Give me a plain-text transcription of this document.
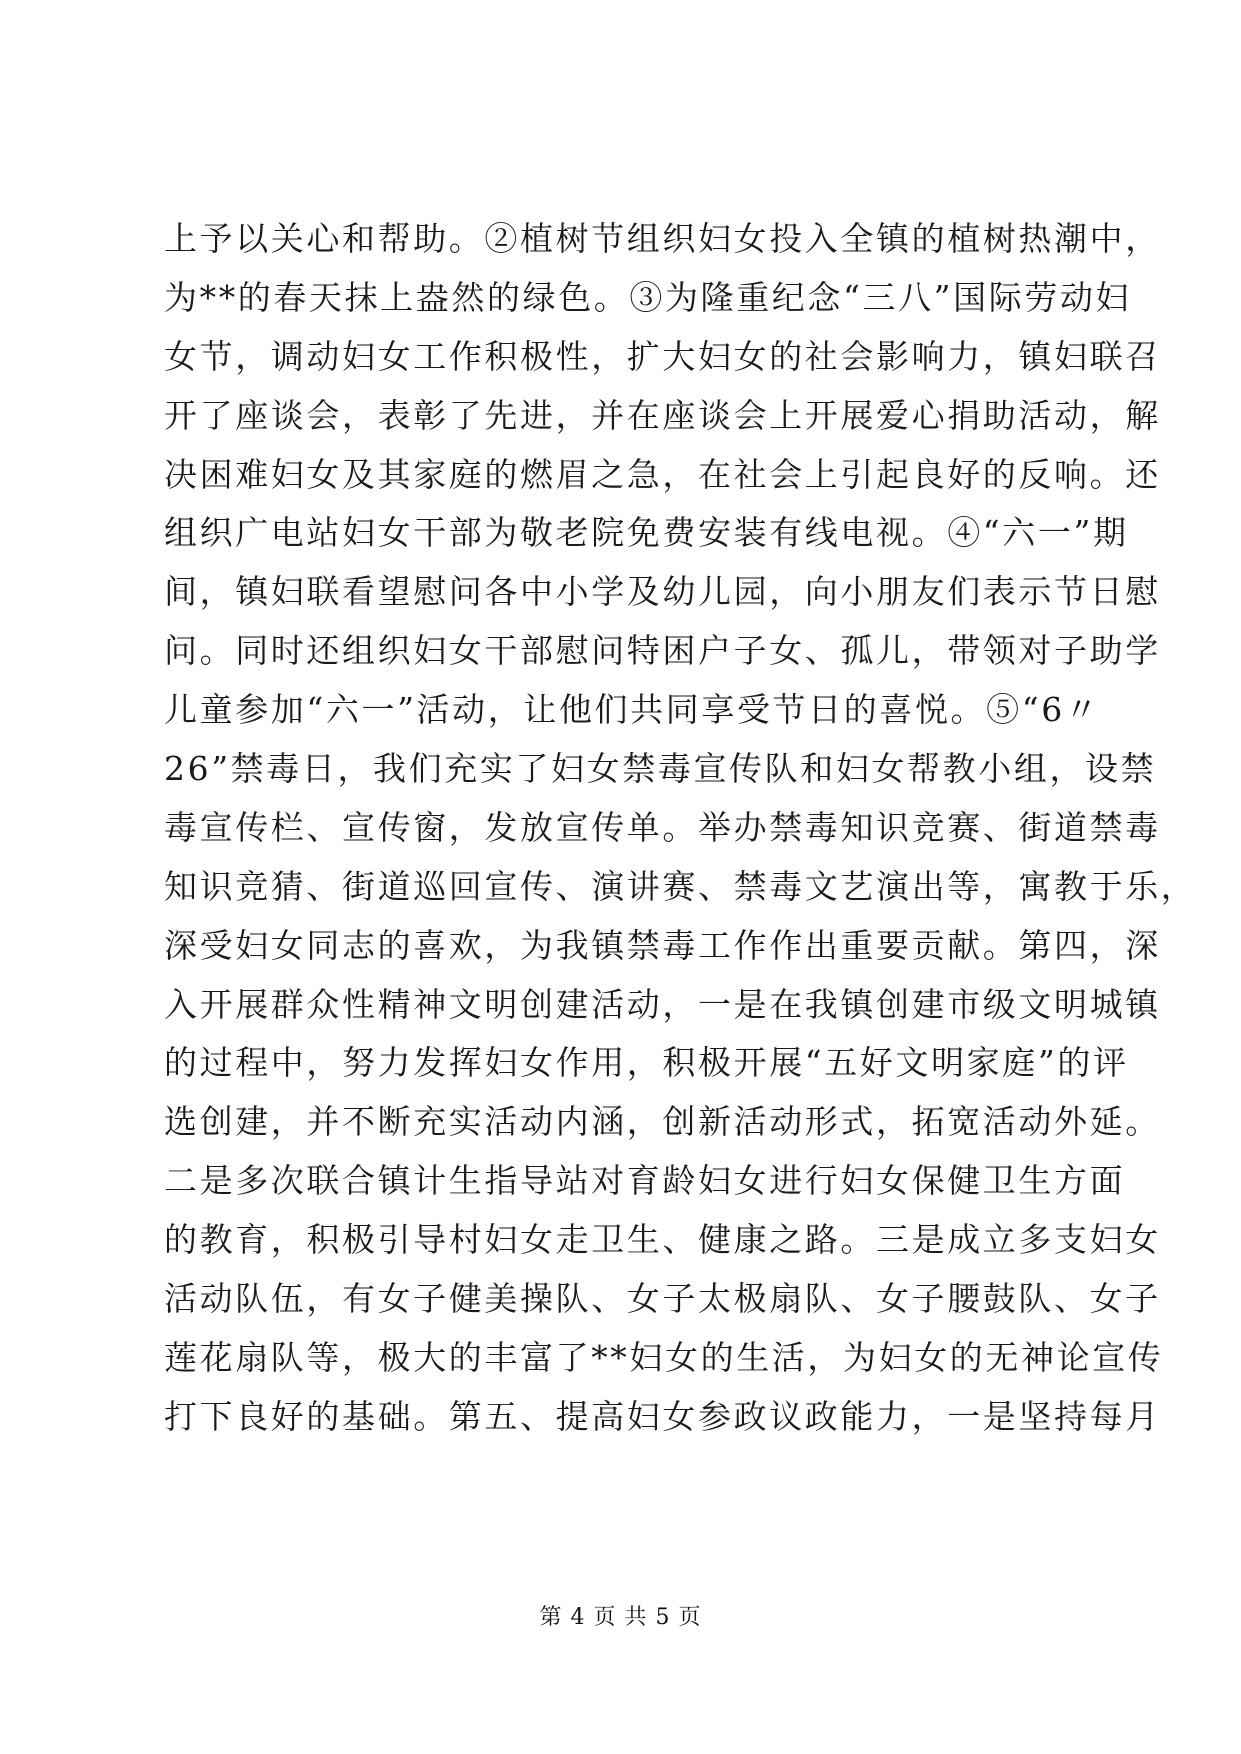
上予以关心和帮助。②植树节组织妇女投入全镇的植树热潮中，
为**的春天抹上盎然的绿色。③为隆重纪念“三八”国际劳动妇
女节，调动妇女工作积极性，扩大妇女的社会影响力，镇妇联召
开了座谈会，表彰了先进，并在座谈会上开展爱心捐助活动，解
决困难妇女及其家庭的燃眉之急，在社会上引起良好的反响。还
组织广电站妇女干部为敬老院免费安装有线电视。④“六一”期
间，镇妇联看望慰问各中小学及幼儿园，向小朋友们表示节日慰
问。同时还组织妇女干部慰问特困户子女、孤儿，带领对子助学
儿童参加“六一”活动，让他们共同享受节日的喜悦。⑤“6〃
26”禁毒日，我们充实了妇女禁毒宣传队和妇女帮教小组，设禁
毒宣传栏、宣传窗，发放宣传单。举办禁毒知识竞赛、街道禁毒
知识竞猜、街道巡回宣传、演讲赛、禁毒文艺演出等，寓教于乐，
深受妇女同志的喜欢，为我镇禁毒工作作出重要贡献。第四，深
入开展群众性精神文明创建活动，一是在我镇创建市级文明城镇
的过程中，努力发挥妇女作用，积极开展“五好文明家庭”的评
选创建，并不断充实活动内涵，创新活动形式，拓宽活动外延。
二是多次联合镇计生指导站对育龄妇女进行妇女保健卫生方面
的教育，积极引导村妇女走卫生、健康之路。三是成立多支妇女
活动队伍，有女子健美操队、女子太极扇队、女子腰鼓队、女子
莲花扇队等，极大的丰富了**妇女的生活，为妇女的无神论宣传
打下良好的基础。第五、提高妇女参政议政能力，一是坚持每月
第 4 页 共 5 页
